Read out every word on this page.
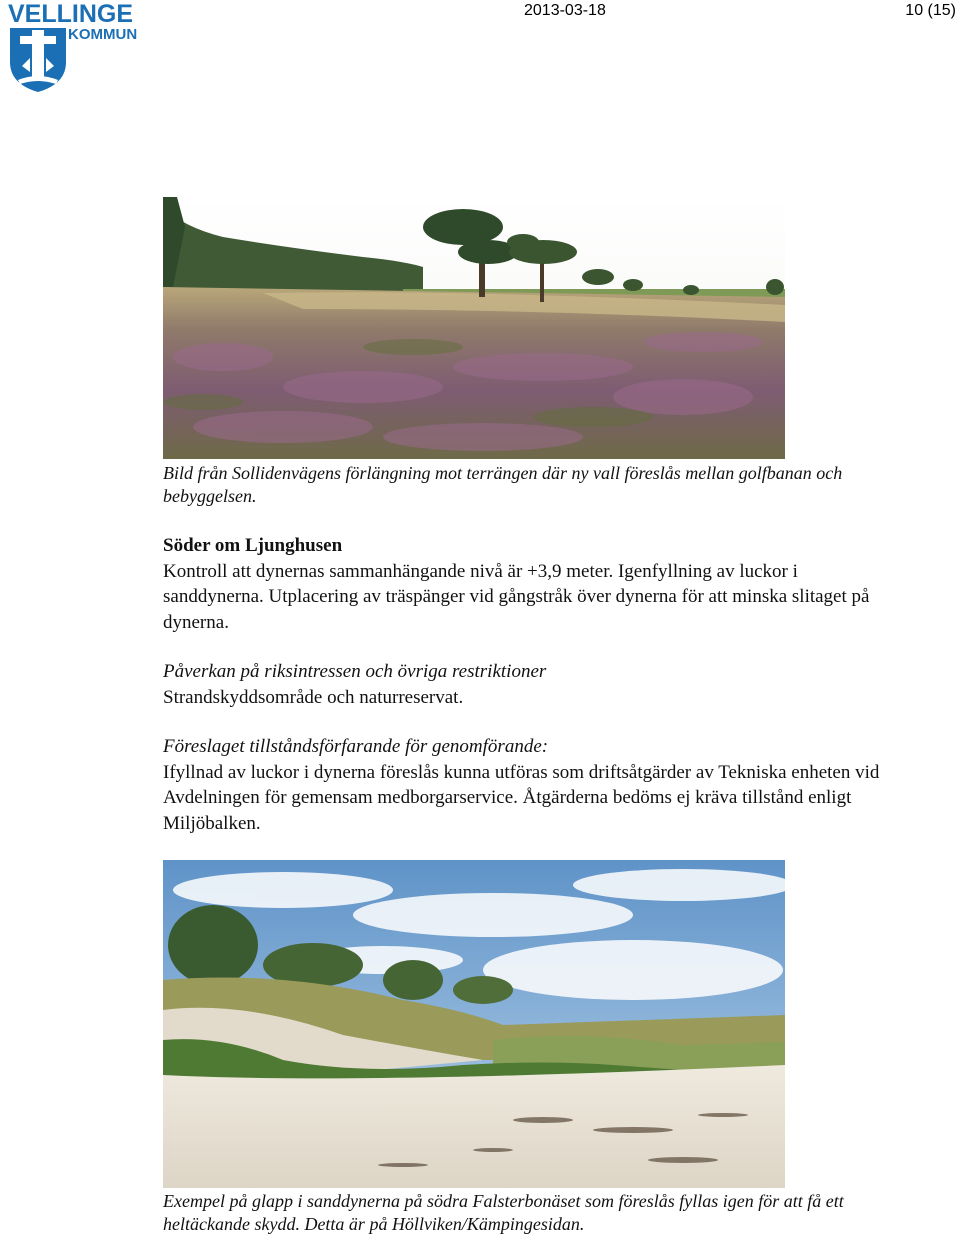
VELLINGE
KOMMUN
2013-03-18	10 (15)
Bild från Sollidenvägens förlängning mot terrängen där ny vall föreslås mellan golfbanan och bebyggelsen.
Söder om Ljunghusen
Kontroll att dynernas sammanhängande nivå är +3,9 meter. Igenfyllning av luckor i sanddynerna. Utplacering av träspänger vid gångstråk över dynerna för att minska slitaget på dynerna.
Påverkan på riksintressen och övriga restriktioner
Strandskyddsområde och naturreservat.
Föreslaget tillståndsförfarande för genomförande:
Ifyllnad av luckor i dynerna föreslås kunna utföras som driftsåtgärder av Tekniska enheten vid Avdelningen för gemensam medborgarservice. Åtgärderna bedöms ej kräva tillstånd enligt Miljöbalken.
Exempel på glapp i sanddynerna på södra Falsterbonäset som föreslås fyllas igen för att få ett heltäckande skydd. Detta är på Höllviken/Kämpingesidan.
